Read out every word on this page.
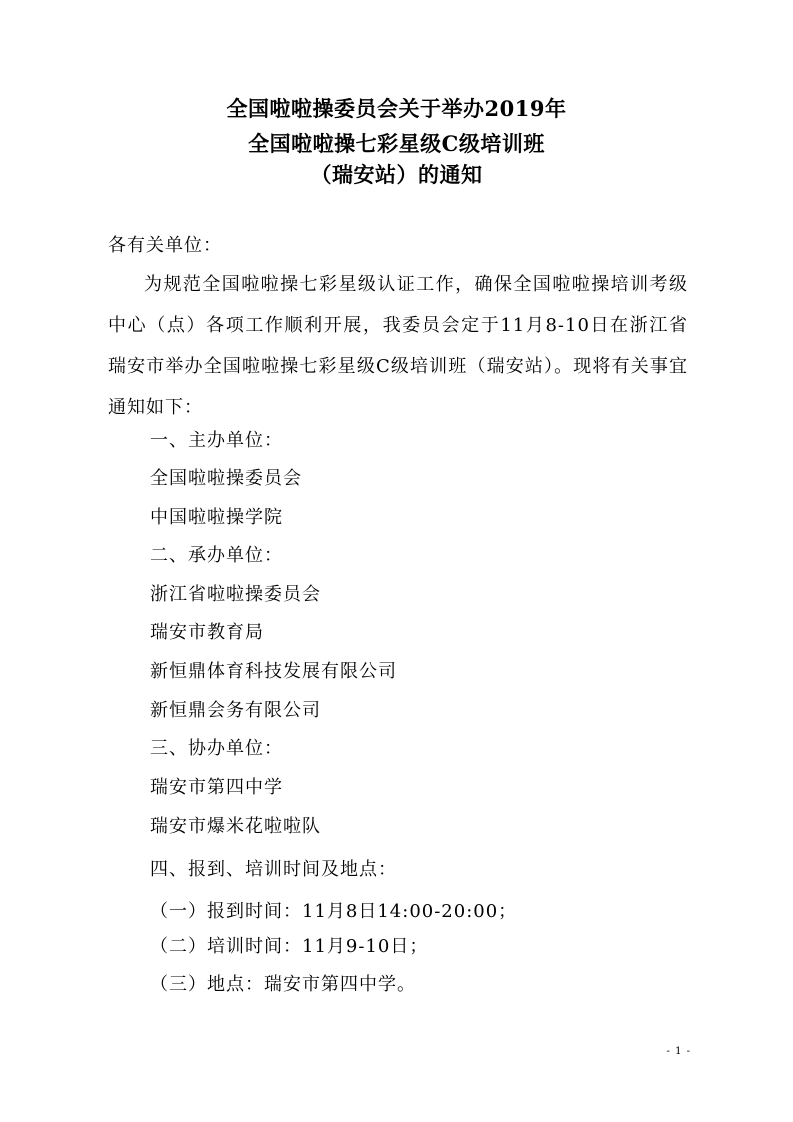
全国啦啦操委员会关于举办2019年
全国啦啦操七彩星级C级培训班
（瑞安站）的通知
各有关单位：
为规范全国啦啦操七彩星级认证工作，确保全国啦啦操培训考级中心（点）各项工作顺利开展，我委员会定于11月8-10日在浙江省瑞安市举办全国啦啦操七彩星级C级培训班（瑞安站）。现将有关事宜通知如下：
一、主办单位：
全国啦啦操委员会
中国啦啦操学院
二、承办单位：
浙江省啦啦操委员会
瑞安市教育局
新恒鼎体育科技发展有限公司
新恒鼎会务有限公司
三、协办单位：
瑞安市第四中学
瑞安市爆米花啦啦队
四、报到、培训时间及地点：
（一）报到时间：11月8日14:00-20:00；
（二）培训时间：11月9-10日；
（三）地点：瑞安市第四中学。
- 1 -
